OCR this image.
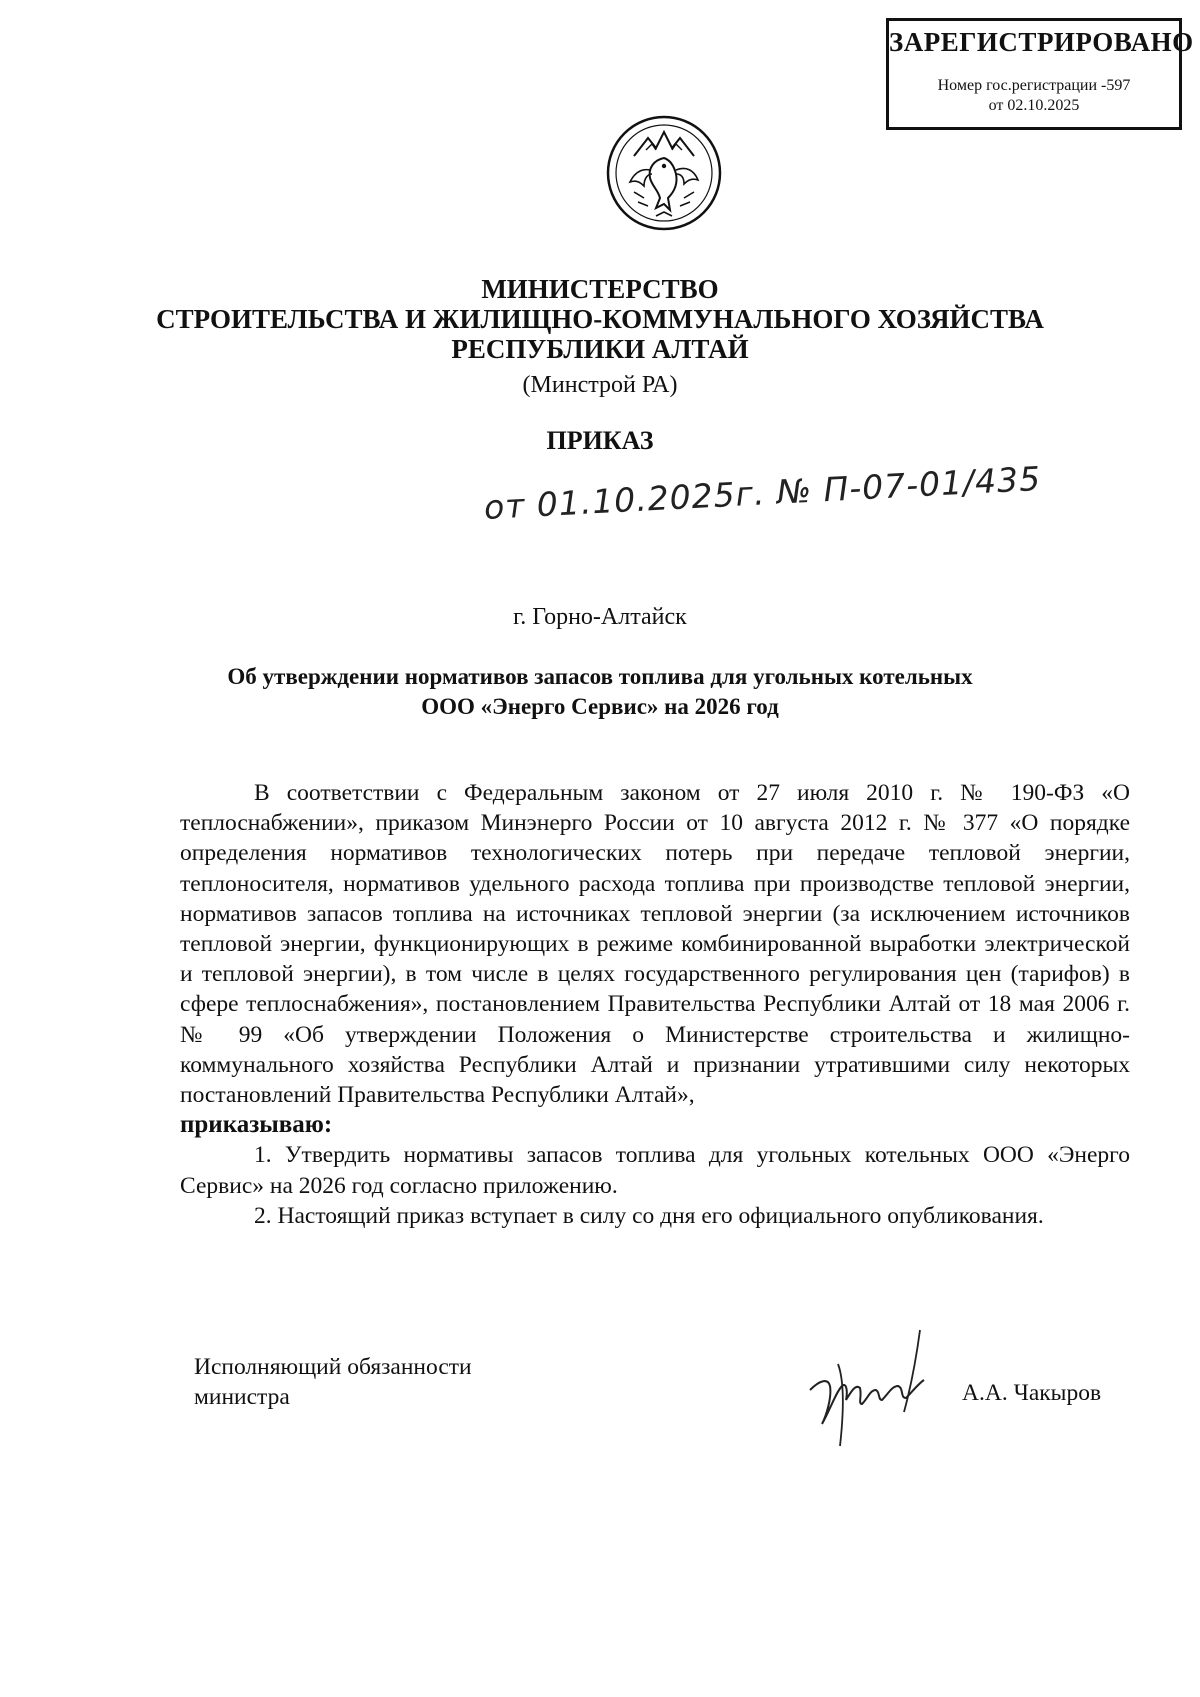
ЗАРЕГИСТРИРОВАНО
Номер гос.регистрации -597
от 02.10.2025
МИНИСТЕРСТВО
СТРОИТЕЛЬСТВА И ЖИЛИЩНО-КОММУНАЛЬНОГО ХОЗЯЙСТВА
РЕСПУБЛИКИ АЛТАЙ
(Минстрой РА)
ПРИКАЗ
от 01.10.2025г. № П-07-01/435
г. Горно-Алтайск
Об утверждении нормативов запасов топлива для угольных котельных
ООО «Энерго Сервис» на 2026 год

В соответствии с Федеральным законом от 27 июля 2010 г. № 190-ФЗ «О теплоснабжении», приказом Минэнерго России от 10 августа 2012 г. № 377 «О порядке определения нормативов технологических потерь при передаче тепловой энергии, теплоносителя, нормативов удельного расхода топлива при производстве тепловой энергии, нормативов запасов топлива на источниках тепловой энергии (за исключением источников тепловой энергии, функционирующих в режиме комбинированной выработки электрической и тепловой энергии), в том числе в целях государственного регулирования цен (тарифов) в сфере теплоснабжения», постановлением Правительства Республики Алтай от 18 мая 2006 г. № 99 «Об утверждении Положения о Министерстве строительства и жилищно-коммунального хозяйства Республики Алтай и признании утратившими силу некоторых постановлений Правительства Республики Алтай»,

приказываю:

1. Утвердить нормативы запасов топлива для угольных котельных ООО «Энерго Сервис» на 2026 год согласно приложению.

2. Настоящий приказ вступает в силу со дня его официального опубликования.

Исполняющий обязанности
министра	А.А. Чакыров
